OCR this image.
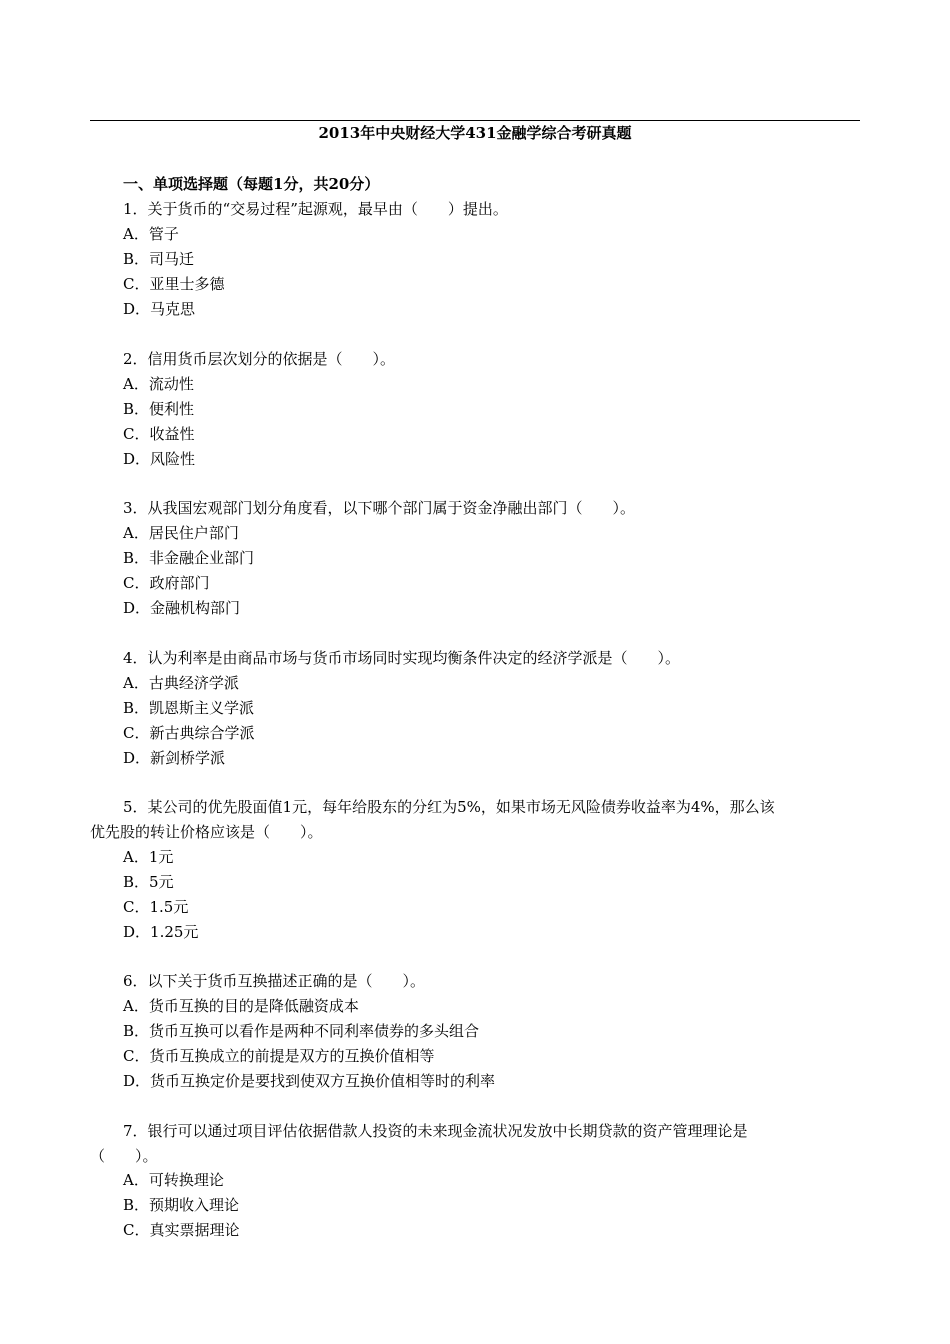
2013年中央财经大学431金融学综合考研真题
一、单项选择题（每题1分，共20分）
1．关于货币的“交易过程”起源观，最早由（　　）提出。
A．管子
B．司马迁
C．亚里士多德
D．马克思
2．信用货币层次划分的依据是（　　）。
A．流动性
B．便利性
C．收益性
D．风险性
3．从我国宏观部门划分角度看，以下哪个部门属于资金净融出部门（　　）。
A．居民住户部门
B．非金融企业部门
C．政府部门
D．金融机构部门
4．认为利率是由商品市场与货币市场同时实现均衡条件决定的经济学派是（　　）。
A．古典经济学派
B．凯恩斯主义学派
C．新古典综合学派
D．新剑桥学派
5．某公司的优先股面值1元，每年给股东的分红为5%，如果市场无风险债券收益率为4%，那么该
优先股的转让价格应该是（　　）。
A．1元
B．5元
C．1.5元
D．1.25元
6．以下关于货币互换描述正确的是（　　）。
A．货币互换的目的是降低融资成本
B．货币互换可以看作是两种不同利率债券的多头组合
C．货币互换成立的前提是双方的互换价值相等
D．货币互换定价是要找到使双方互换价值相等时的利率
7．银行可以通过项目评估依据借款人投资的未来现金流状况发放中长期贷款的资产管理理论是
（　　）。
A．可转换理论
B．预期收入理论
C．真实票据理论
